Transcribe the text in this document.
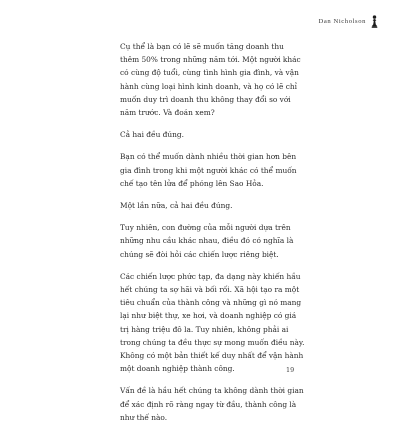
Dan Nicholson

Cụ thể là bạn có lẽ sẽ muốn tăng doanh thu thêm 50% trong những năm tới. Một người khác có cùng độ tuổi, cùng tình hình gia đình, và vận hành cùng loại hình kinh doanh, và họ có lẽ chỉ muốn duy trì doanh thu không thay đổi so với năm trước. Và đoán xem?

Cả hai đều đúng.

Bạn có thể muốn dành nhiều thời gian hơn bên gia đình trong khi một người khác có thể muốn chế tạo tên lửa để phóng lên Sao Hỏa.

Một lần nữa, cả hai đều đúng.

Tuy nhiên, con đường của mỗi người dựa trên những nhu cầu khác nhau, điều đó có nghĩa là chúng sẽ đòi hỏi các chiến lược riêng biệt.

Các chiến lược phức tạp, đa dạng này khiến hầu hết chúng ta sợ hãi và bối rối. Xã hội tạo ra một tiêu chuẩn của thành công và những gì nó mang lại như biệt thự, xe hơi, và doanh nghiệp có giá trị hàng triệu đô la. Tuy nhiên, không phải ai trong chúng ta đều thực sự mong muốn điều này. Không có một bản thiết kế duy nhất để vận hành một doanh nghiệp thành công.

Vấn đề là hầu hết chúng ta không dành thời gian để xác định rõ ràng ngay từ đầu, thành công là như thế nào.

19
